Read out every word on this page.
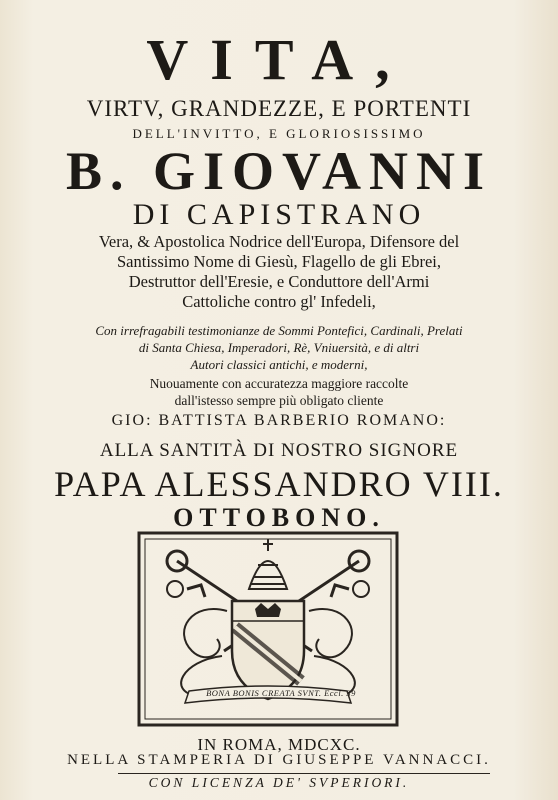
VITA,
VIRTV, GRANDEZZE, E PORTENTI
DELL'INVITTO, E GLORIOSISSIMO
B. GIOVANNI
DI CAPISTRANO
Vera, & Apostolica Nodrice dell'Europa, Difensore del
Santissimo Nome di Giesù, Flagello de gli Ebrei,
Destruttor dell'Eresie, e Conduttore dell'Armi
Cattoliche contro gl' Infedeli,
Con irrefragabili testimonianze de Sommi Pontefici, Cardinali, Prelati
di Santa Chiesa, Imperadori, Rè, Vniuersità, e di altri
Autori classici antichi, e moderni,
Nuouamente con accuratezza maggiore raccolte
dall'istesso sempre più obligato cliente
GIO: BATTISTA BARBERIO ROMANO:
ALLA SANTITÀ DI NOSTRO SIGNORE
PAPA ALESSANDRO VIII.
OTTOBONO.
BONA BONIS CREATA SVNT. Eccl. 39
IN ROMA, MDCXC.
NELLA STAMPERIA DI GIUSEPPE VANNACCI.
CON LICENZA DE' SVPERIORI.
